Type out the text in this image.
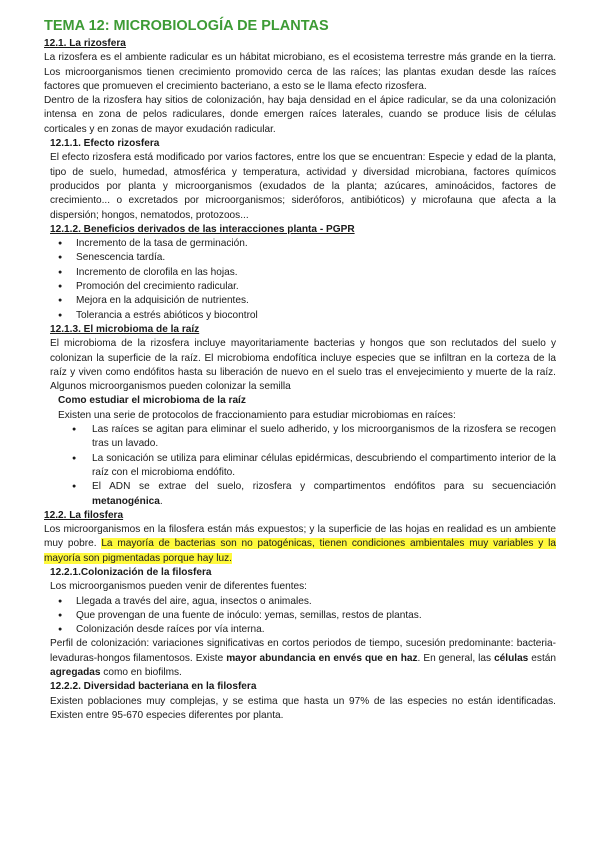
TEMA 12: MICROBIOLOGÍA DE PLANTAS
12.1. La rizosfera

La rizosfera es el ambiente radicular es un hábitat microbiano, es el ecosistema terrestre más grande en la tierra. Los microorganismos tienen crecimiento promovido cerca de las raíces; las plantas exudan desde las raíces factores que promueven el crecimiento bacteriano, a esto se le llama efecto rizosfera.

Dentro de la rizosfera hay sitios de colonización, hay baja densidad en el ápice radicular, se da una colonización intensa en zona de pelos radiculares, donde emergen raíces laterales, cuando se produce lisis de células corticales y en zonas de mayor exudación radicular.

12.1.1. Efecto rizosfera

El efecto rizosfera está modificado por varios factores, entre los que se encuentran: Especie y edad de la planta, tipo de suelo, humedad, atmosférica y temperatura, actividad y diversidad microbiana, factores químicos producidos por planta y microorganismos (exudados de la planta; azúcares, aminoácidos, factores de crecimiento... o excretados por microorganismos; sideróforos, antibióticos) y microfauna que afecta a la dispersión; hongos, nematodos, protozoos...

12.1.2. Beneficios derivados de las interacciones planta - PGPR
● Incremento de la tasa de germinación.
● Senescencia tardía.
● Incremento de clorofila en las hojas.
● Promoción del crecimiento radicular.
● Mejora en la adquisición de nutrientes.
● Tolerancia a estrés abióticos y biocontrol
12.1.3. El microbioma de la raíz

El microbioma de la rizosfera incluye mayoritariamente bacterias y hongos que son reclutados del suelo y colonizan la superficie de la raíz. El microbioma endofítica incluye especies que se infiltran en la corteza de la raíz y viven como endófitos hasta su liberación de nuevo en el suelo tras el envejecimiento y muerte de la raíz. Algunos microorganismos pueden colonizar la semilla

Como estudiar el microbioma de la raíz

Existen una serie de protocolos de fraccionamiento para estudiar microbiomas en raíces:

● Las raíces se agitan para eliminar el suelo adherido, y los microorganismos de la rizosfera se recogen tras un lavado.
● La sonicación se utiliza para eliminar células epidérmicas, descubriendo el compartimento interior de la raíz con el microbioma endófito.
● El ADN se extrae del suelo, rizosfera y compartimentos endófitos para su secuenciación metanogénica.
12.2. La filosfera

Los microorganismos en la filosfera están más expuestos; y la superficie de las hojas en realidad es un ambiente muy pobre. La mayoría de bacterias son no patogénicas, tienen condiciones ambientales muy variables y la mayoría son pigmentadas porque hay luz.

12.2.1.Colonización de la filosfera

Los microorganismos pueden venir de diferentes fuentes:

● Llegada a través del aire, agua, insectos o animales.
● Que provengan de una fuente de inóculo: yemas, semillas, restos de plantas.
● Colonización desde raíces por vía interna.

Perfil de colonización: variaciones significativas en cortos periodos de tiempo, sucesión predominante: bacteria-levaduras-hongos filamentosos. Existe mayor abundancia en envés que en haz. En general, las células están agregadas como en biofilms.

12.2.2. Diversidad bacteriana en la filosfera

Existen poblaciones muy complejas, y se estima que hasta un 97% de las especies no están identificadas. Existen entre 95-670 especies diferentes por planta.
